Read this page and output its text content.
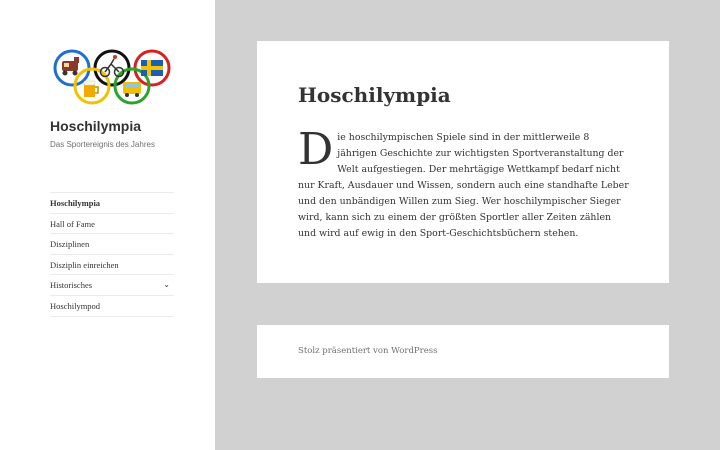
Hoschilympia
Das Sportereignis des Jahres
Hoschilympia
Hall of Fame
Disziplinen
Disziplin einreichen
Historisches	⌄
Hoschilympod
Hoschilympia
D ie hoschilympischen Spiele sind in der mittlerweile 8 jährigen Geschichte zur wichtigsten Sportveranstaltung der Welt aufgestiegen. Der mehrtägige Wettkampf bedarf nicht nur Kraft, Ausdauer und Wissen, sondern auch eine standhafte Leber und den unbändigen Willen zum Sieg. Wer hoschilympischer Sieger wird, kann sich zu einem der größten Sportler aller Zeiten zählen und wird auf ewig in den Sport-Geschichtsbüchern stehen.
Stolz präsentiert von WordPress
